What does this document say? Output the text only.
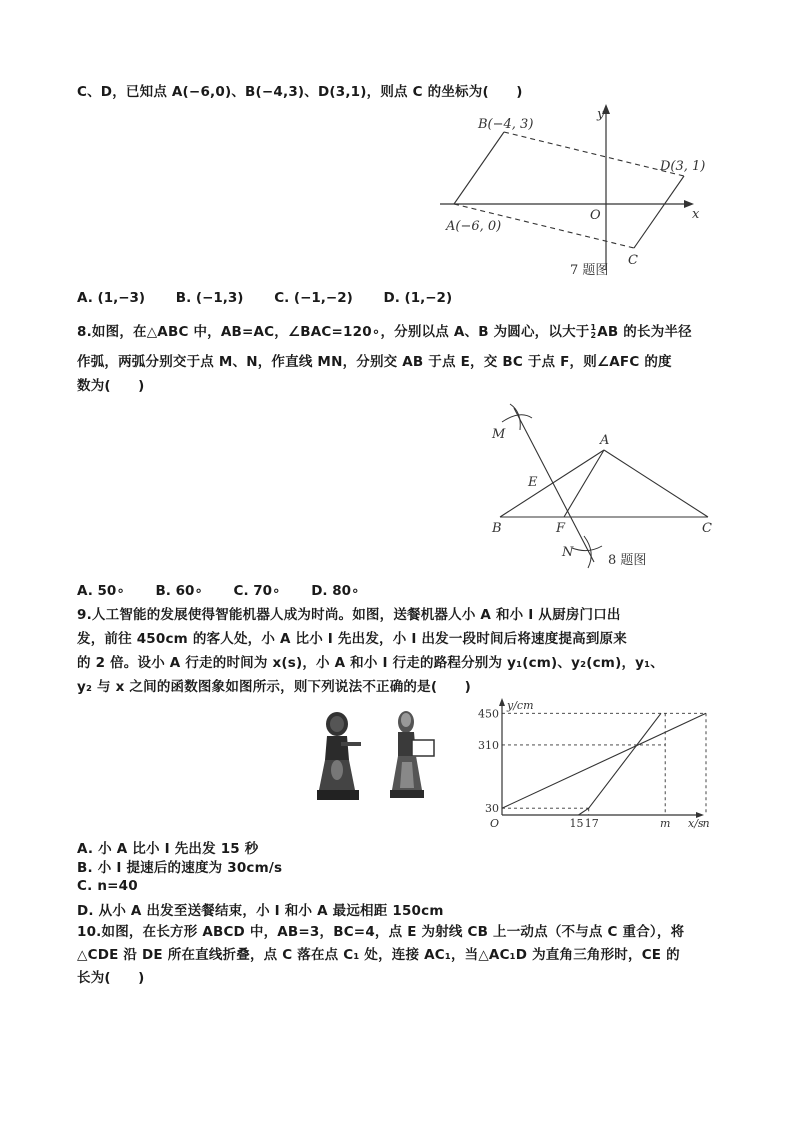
C、D，已知点 A(−6,0)、B(−4,3)、D(3,1)，则点 C 的坐标为(　　)
y
x
O
B(−4, 3)
D(3, 1)
A(−6, 0)
C
7 题图
A. (1,−3) B. (−1,3) C. (−1,−2) D. (1,−2)
8.如图，在△ABC 中，AB=AC，∠BAC=120∘，分别以点 A、B 为圆心，以大于 1
2 AB 的长为半径
作弧，两弧分别交于点 M、N，作直线 MN，分别交 AB 于点 E，交 BC 于点 F，则∠AFC 的度
数为(　　)
M	A
E
B	F	C
N
8 题图
A. 50∘ B. 60∘ C. 70∘ D. 80∘
9.人工智能的发展使得智能机器人成为时尚。如图，送餐机器人小 A 和小 I 从厨房门口出
发，前往 450cm 的客人处，小 A 比小 I 先出发，小 I 出发一段时间后将速度提高到原来
的 2 倍。设小 A 行走的时间为 x(s)，小 A 和小 I 行走的路程分别为 y₁(cm)、y₂(cm)，y₁、
y₂ 与 x 之间的函数图象如图所示，则下列说法不正确的是(　　)
y/cm
x/s
O
450
310
30
15 17	m	n
A. 小 A 比小 I 先出发 15 秒
B. 小 I 提速后的速度为 30cm/s
C. n=40
D. 从小 A 出发至送餐结束，小 I 和小 A 最远相距 150cm
10.如图，在长方形 ABCD 中，AB=3，BC=4，点 E 为射线 CB 上一动点（不与点 C 重合），将
△CDE 沿 DE 所在直线折叠，点 C 落在点 C₁ 处，连接 AC₁，当△AC₁D 为直角三角形时，CE 的
长为(　　)
